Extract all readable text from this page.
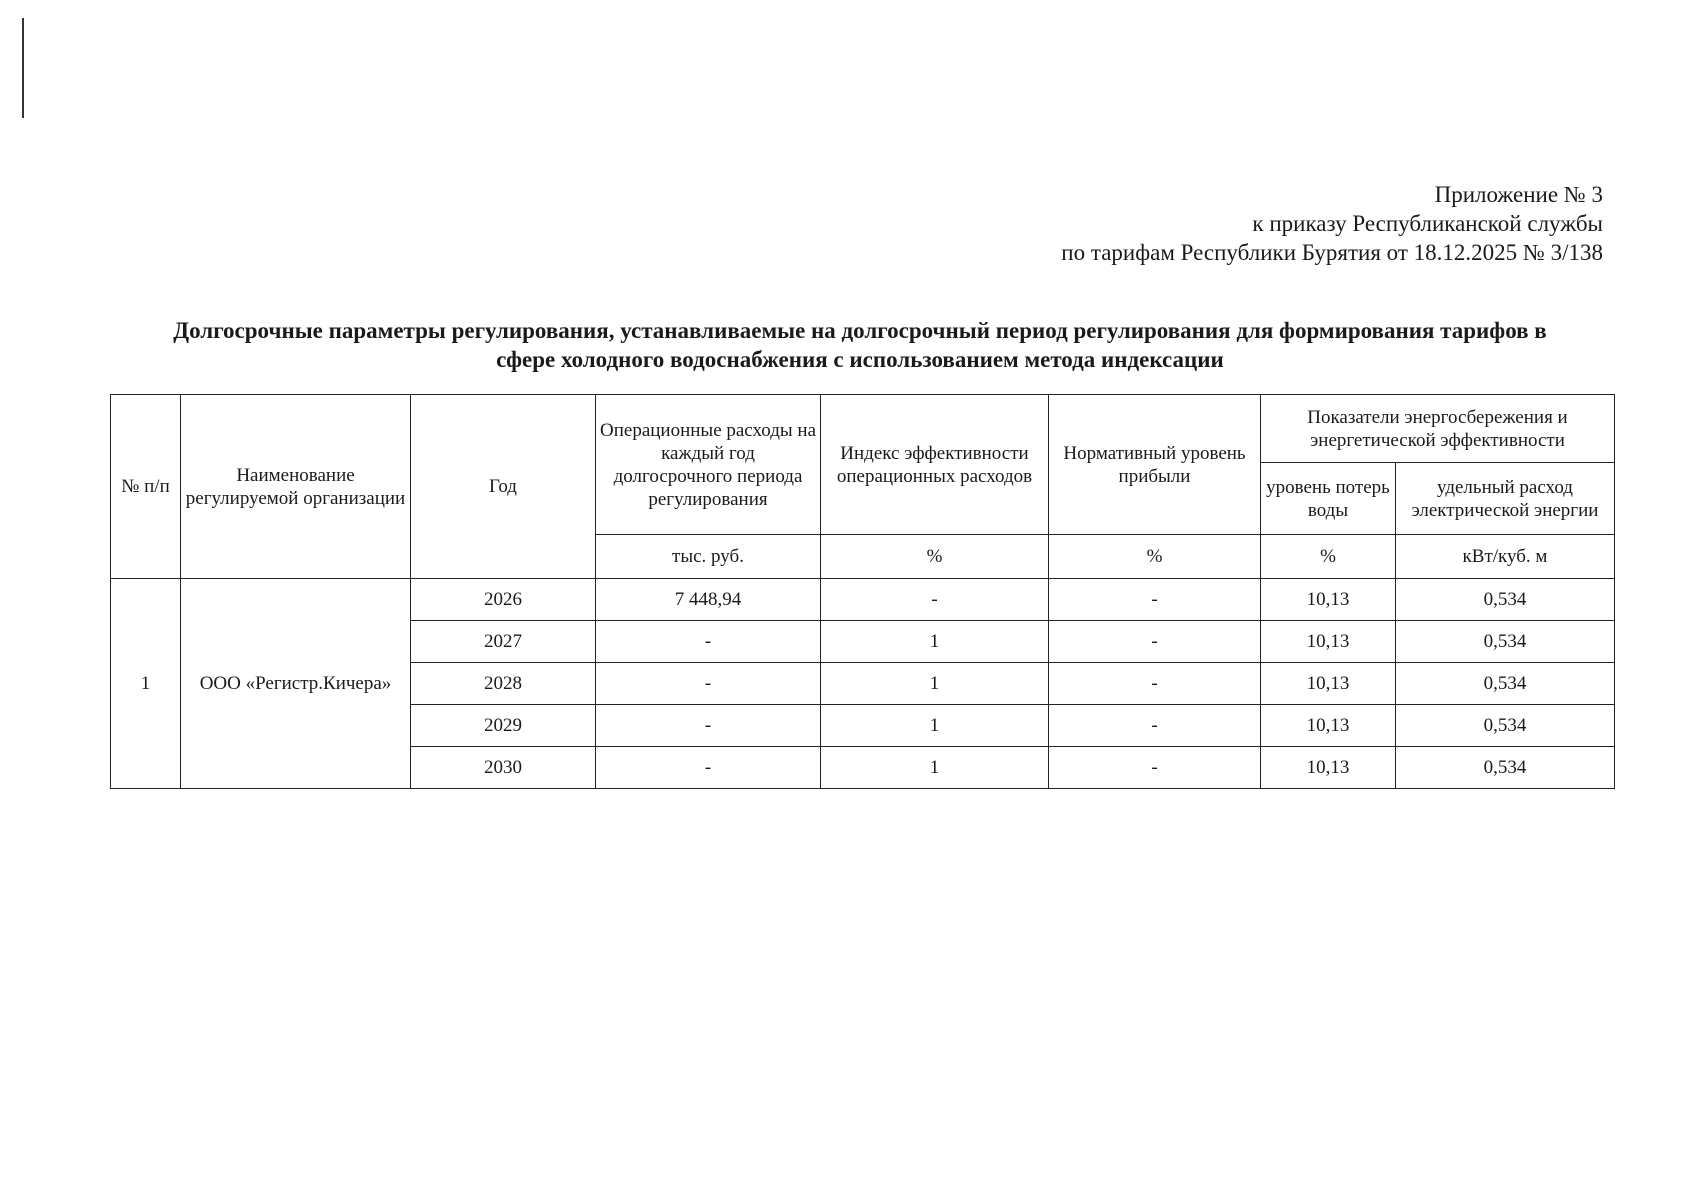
Приложение № 3
к приказу Республиканской службы
по тарифам Республики Бурятия от 18.12.2025 № 3/138
Долгосрочные параметры регулирования, устанавливаемые на долгосрочный период регулирования для формирования тарифов в
сфере холодного водоснабжения с использованием метода индексации
№ п/п	Наименование регулируемой организации	Год	Операционные расходы на каждый год долгосрочного периода регулирования	Индекс эффективности операционных расходов	Нормативный уровень прибыли	Показатели энергосбережения и энергетической эффективности	
						уровень потерь воды	удельный расход электрической энергии
			тыс. руб.	%	%	%	кВт/куб. м
1	ООО «Регистр.Кичера»	2026	7 448,94	-	-	10,13	0,534
		2027	-	1	-	10,13	0,534
		2028	-	1	-	10,13	0,534
		2029	-	1	-	10,13	0,534
		2030	-	1	-	10,13	0,534
